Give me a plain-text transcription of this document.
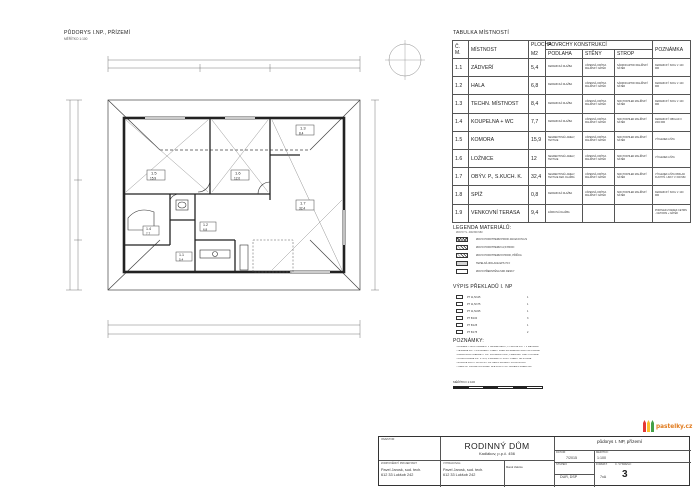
PŮDORYS I.NP., PŘÍZEMÍ
MĚŘÍTKO 1:100
1.5
15,9
1.6
12,0
1.3
8,4
1.7
32,4
1.4
7,7
1.2
6,8
1.1
5,4
TABULKA MÍSTNOSTÍ
Č. M.	MÍSTNOST	PLOCHA	POVRCHY KONSTRUKCÍ			POZNÁMKA
		M2	PODLAHA	STĚNY	STROP	
1.1	ZÁDVEŘÍ	5,4	KERAMICKÁ DLAŽBA	VÁPENNÁ OMÍTKA MALÍŘSKÝ NÁTĚR	SÁDROKARTON MALÍŘSKÝ NÁTĚR	KERAMICKÝ SOKL V. 100 MM
1.2	HALA	6,8	KERAMICKÁ DLAŽBA	VÁPENNÁ OMÍTKA MALÍŘSKÝ NÁTĚR	SÁDROKARTON MALÍŘSKÝ NÁTĚR	KERAMICKÝ SOKL V. 100 MM
1.3	TECHN. MÍSTNOST	8,4	KERAMICKÁ DLAŽBA	VÁPENNÁ OMÍTKA MALÍŘSKÝ NÁTĚR	SDK PODHLED MALÍŘSKÝ NÁTĚR	KERAMICKÝ SOKL V. 100 MM
1.4	KOUPELNA + WC	7,7	KERAMICKÁ DLAŽBA	VÁPENNÁ OMÍTKA MALÍŘSKÝ NÁTĚR	SDK PODHLED MALÍŘSKÝ NÁTĚR	KERAMICKÝ OBKLAD V. 2000 MM
1.5	KOMORA	15,9	SEGMENTOVÉ LAMELY, TEXTILIE	VÁPENNÁ OMÍTKA MALÍŘSKÝ NÁTĚR	SDK PODHLED MALÍŘSKÝ NÁTĚR	VÝKLENEK LIŠTA
1.6	LOŽNICE	12	SEGMENTOVÉ LAMELY, TEXTILIE	VÁPENNÁ OMÍTKA MALÍŘSKÝ NÁTĚR	SDK PODHLED MALÍŘSKÝ NÁTĚR	VÝKLENEK LIŠTA
1.7	OBÝV. P., S.KUCH. K.	32,4	SEGMENTOVÉ LAMELY, TEXTILIE KER. DLAŽBA	VÁPENNÁ OMÍTKA MALÍŘSKÝ NÁTĚR	SDK PODHLED MALÍŘSKÝ NÁTĚR	VÝKLENEK LIŠTA OBKLAD KUCHYŇ. LINKY V. 600 MM
1.8	SPÍŽ	0,8	KERAMICKÁ DLAŽBA	VÁPENNÁ OMÍTKA MALÍŘSKÝ NÁTĚR	SDK PODHLED MALÍŘSKÝ NÁTĚR	KERAMICKÝ SOKL V. 100 MM
1.9	VENKOVNÍ TERASA	9,4	ZÁMKOVÁ DLAŽBA			PODHLED Z DESEK CETRIS - CETORIS + NÁTĚR
LEGENDA MATERIÁLŮ:
ZDIVO TL. 400/300 MM
ZDIVO POROTHERM PROFI 440 EKO PLUS
ZDIVO POROTHERM 11,5 PROFI
ZDIVO POROTHERM 8 PROFI, PŘÍČKA
TEPELNÁ IZOLACE EPS 70 F
ZDIVO PŘEDSTĚNA SDK DESKY
VÝPIS PŘEKLADŮ I. NP
PT 11,5/125	1
PT 11,5/175	1
PT 11,5/225	1
PT 8/100	3
PT 8/125	1
PT 8/175	2
POZNÁMKY:
- ROZMĚRY JSOU UVEDENY V MILIMETRECH, VÝŠKOVÉ KÓTY V METRECH
- VEŠKERÉ KÓTY A ROZMĚRY OVĚŘIT PŘED ZAHÁJENÍM PRÁCÍ NA STAVBĚ
- ZAŘIZOVACÍ PŘEDMĚTY VIZ. PROFESNÍ ČÁST, PŘEKLADY DLE VÝROBCE
- OKNA A DVEŘE VIZ. VÝPIS, STAVEBNÍ OTVORY OVĚŘIT NA STAVBĚ
- IZOLACE PROTI VLHKOSTI VIZ. ŘEZ A SKLADBY KONSTRUKCÍ
- VŠECHNY PRÁCE PROVÁDĚT DLE PLATNÝCH NOREM A PŘEDPISŮ
MĚŘÍTKO 1:100
pastelky.cz
RODINNÝ DŮM
Kadlákov, p.p.č. 456
půdorys I. NP, přízemí
INVESTOR:
ZODPOVĚDNÝ PROJEKTANT:	VYPRACOVAL:
Pavel Jarosk, sud. tech.
612 33 Lukšob 242
Pavel Jarosk, sud. tech.
612 33 Lukšob 242
Marek Valenta
DATUM:
7/2015
MĚŘÍTKO:
1:100
STUPEŇ:
DUR, DSP
FORMÁT:
7xA
Č. VÝKRESU:
3
